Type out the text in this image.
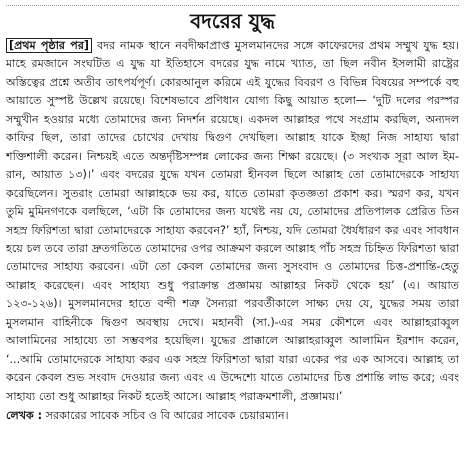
বদরের যুদ্ধ
[প্রথম পৃষ্ঠার পর] বদর নামক স্থানে নবদীক্ষাপ্রাপ্ত মুসলমানদের সঙ্গে কাফেরদের প্রথম সম্মুখ যুদ্ধ হয়। মাহে রমজানে সংঘটিত এ যুদ্ধ যা ইতিহাসে বদরের যুদ্ধ নামে খ্যাত, তা ছিল নবীন ইসলামী রাষ্ট্রের অস্তিত্বের প্রশ্নে অতীব তাৎপর্যপূর্ণ। কোরআনুল করিমে এই যুদ্ধের বিবরণ ও বিভিন্ন বিষয়ের সম্পর্কে বহু আয়াতে সুস্পষ্ট উল্লেখ রয়েছে। বিশেষভাবে প্রণিধান যোগ্য কিছু আয়াত হলো— ‘দুটি দলের পরস্পর সম্মুখীন হওয়ার মধ্যে তোমাদের জন্য নিদর্শন রয়েছে। একদল আল্লাহর পথে সংগ্রাম করছিল, অন্যদল কাফির ছিল, তারা তাদের চোখের দেখায় দ্বিগুণ দেখছিল। আল্লাহ যাকে ইচ্ছা নিজ সাহায্য দ্বারা শক্তিশালী করেন। নিশ্চয়ই এতে অন্তর্দৃষ্টিসম্পন্ন লোকের জন্য শিক্ষা রয়েছে। (৩ সংখ্যক সূরা আল ইম-রান, আয়াত ১৩)।’ এবং বদরের যুদ্ধে যখন তোমরা হীনবল ছিলে আল্লাহ তো তোমাদেরকে সাহায্য করেছিলেন। সুতরাং তোমরা আল্লাহকে ভয় কর, যাতে তোমরা কৃতজ্ঞতা প্রকাশ কর। স্মরণ কর, যখন তুমি মুমিনগণকে বলছিলে, ‘এটা কি তোমাদের জন্য যথেষ্ট নয় যে, তোমাদের প্রতিপালক প্রেরিত তিন সহস্র ফিরিশতা দ্বারা তোমাদেরকে সাহায্য করবেন?’ হ্যাঁ, নিশ্চয়, যদি তোমরা ধৈর্যধারণ কর এবং সাবধান হয়ে চল তবে তারা দ্রুতগতিতে তোমাদের ওপর আক্রমণ করলে আল্লাহ পাঁচ সহস্র চিহ্নিত ফিরিশতা দ্বারা তোমাদের সাহায্য করবেন। এটা তো কেবল তোমাদের জন্য সুসংবাদ ও তোমাদের চিত্ত-প্রশান্তি-হেতু আল্লাহ করেছেন। এবং সাহায্য শুধু পরাক্রান্ত প্রজ্ঞাময় আল্লাহর নিকট থেকে হয়’ (এ। আয়াত ১২৩-১২৬)। মুসলমানদের হাতে বন্দী শত্রু সৈন্যরা পরবর্তীকালে সাক্ষ্য দেয় যে, যুদ্ধের সময় তারা মুসলমান বাহিনীকে দ্বিগুণ অবস্থায় দেখে। মহানবী (সা.)-এর সমর কৌশলে এবং আল্লাহরাব্বুল আলামিনের সাহায্যে তা সম্ভবপর হয়েছিল। যুদ্ধের প্রাক্কালে আল্লাহরাব্বুল আলামিন ইরশাদ করেন, ‘...আমি তোমাদেরকে সাহায্য করব এক সহস্র ফিরিশতা দ্বারা যারা একের পর এক আসবে। আল্লাহ তা করেন কেবল শুভ সংবাদ দেওয়ার জন্য এবং এ উদ্দেশ্যে যাতে তোমাদের চিত্ত প্রশান্তি লাভ করে; এবং সাহায্য তো শুধু আল্লাহর নিকট হতেই আসে। আল্লাহ পরাক্রমশালী, প্রজ্ঞাময়।’
লেখক : সরকারের সাবেক সচিব ও বি আরের সাবেক চেয়ারম্যান।
